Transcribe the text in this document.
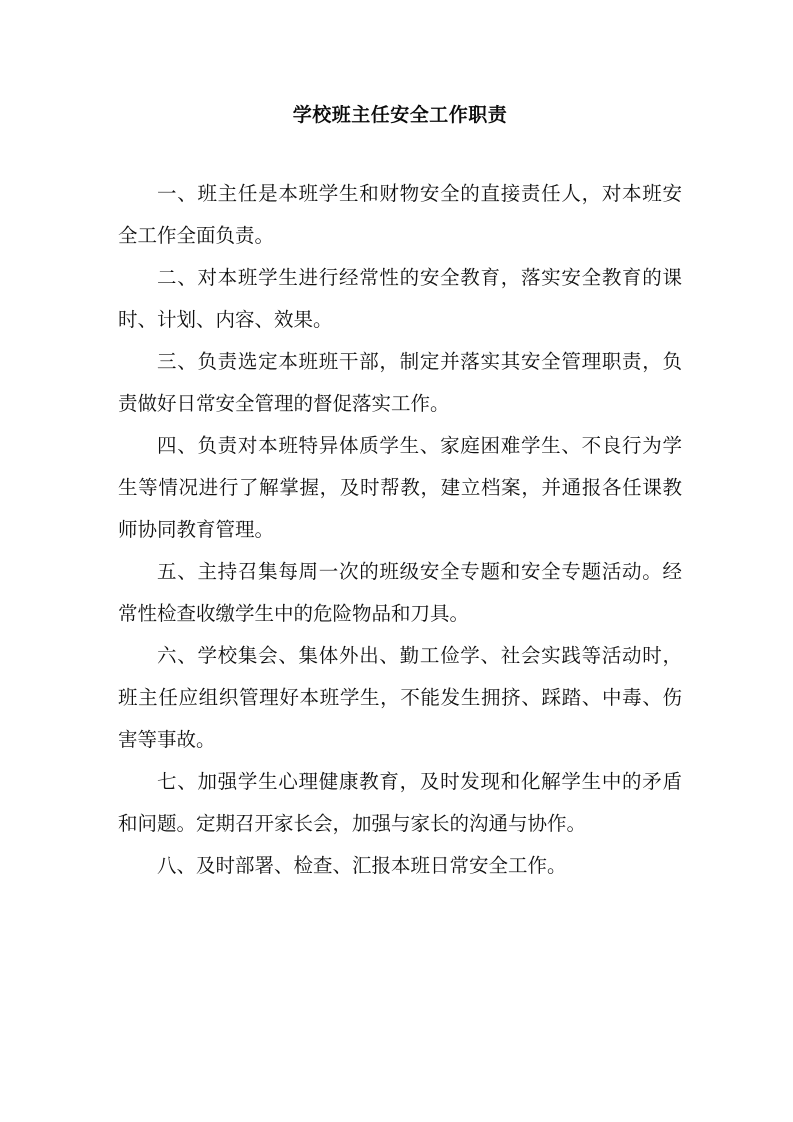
学校班主任安全工作职责

一、班主任是本班学生和财物安全的直接责任人，对本班安全工作全面负责。

二、对本班学生进行经常性的安全教育，落实安全教育的课时、计划、内容、效果。

三、负责选定本班班干部，制定并落实其安全管理职责，负责做好日常安全管理的督促落实工作。

四、负责对本班特异体质学生、家庭困难学生、不良行为学生等情况进行了解掌握，及时帮教，建立档案，并通报各任课教师协同教育管理。

五、主持召集每周一次的班级安全专题和安全专题活动。经常性检查收缴学生中的危险物品和刀具。

六、学校集会、集体外出、勤工俭学、社会实践等活动时，班主任应组织管理好本班学生，不能发生拥挤、踩踏、中毒、伤害等事故。

七、加强学生心理健康教育，及时发现和化解学生中的矛盾和问题。定期召开家长会，加强与家长的沟通与协作。

八、及时部署、检查、汇报本班日常安全工作。
